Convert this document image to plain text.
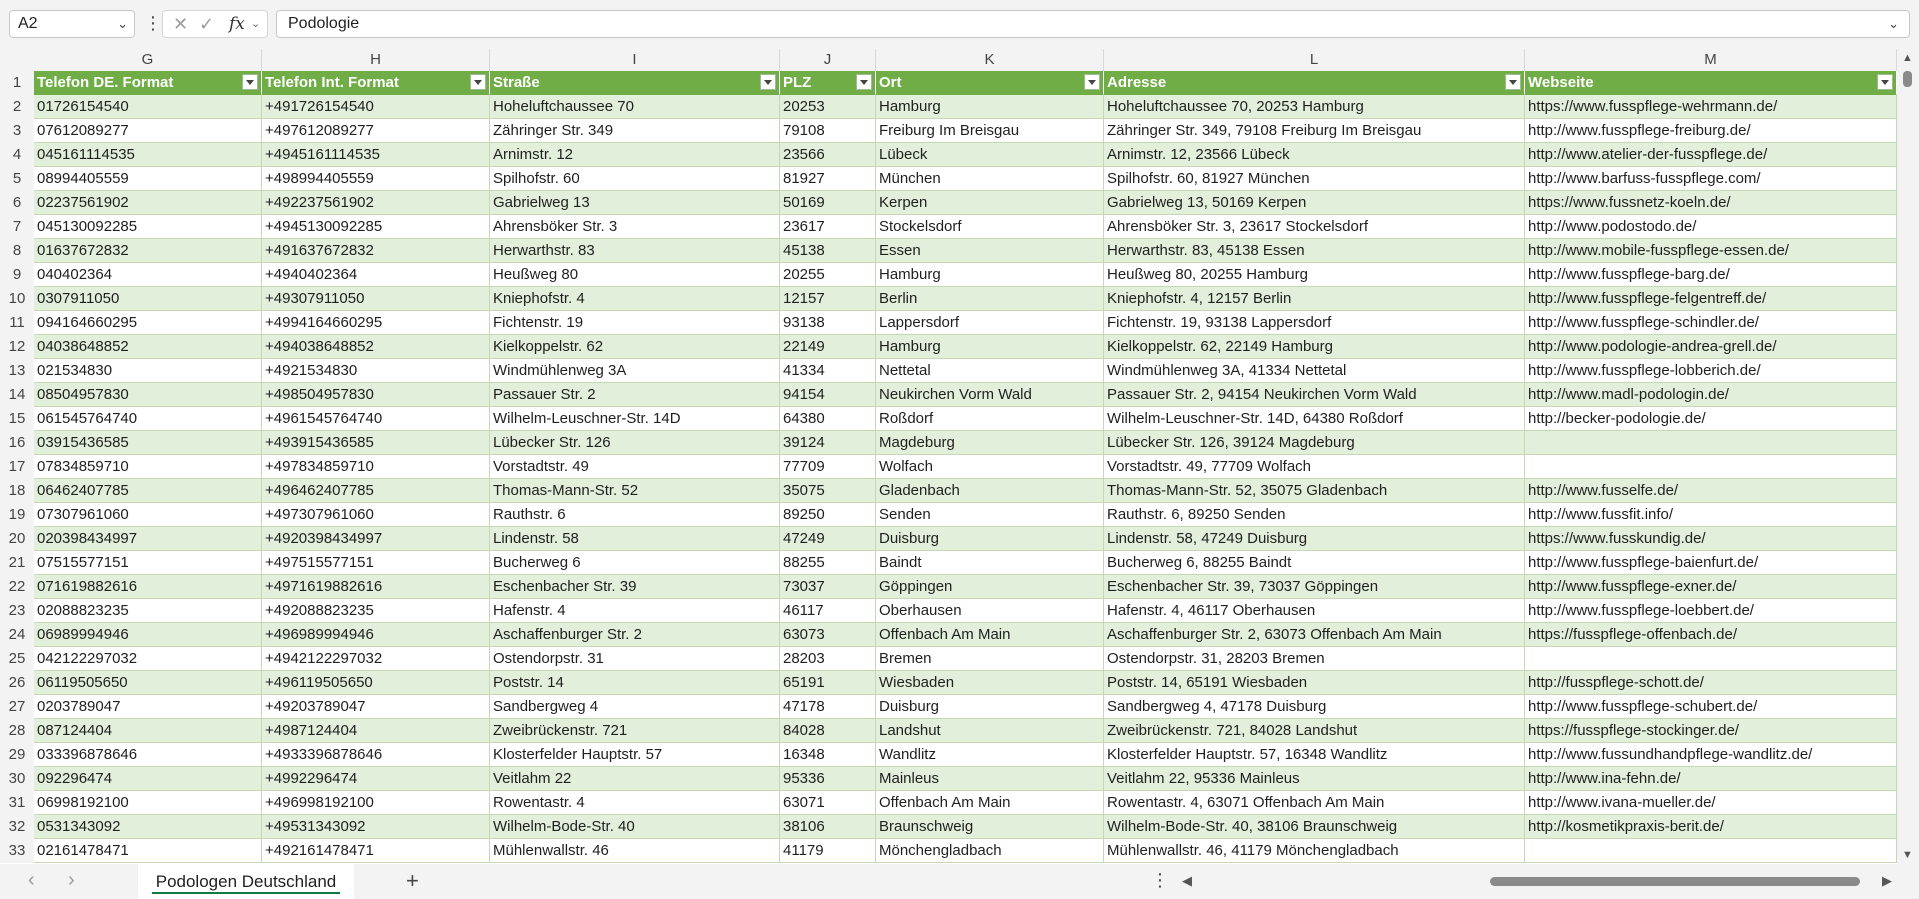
A2	⌄ ⋮ ✕ ✓ fx ⌄	Podologie	⌄
G	H	I	J	K	L	M
1
2
3
4
5
6
7
8
9
10
11
12
13
14
15
16
17
18
19
20
21
22
23
24
25
26
27
28
29
30
31
32
33
Telefon DE. Format	Telefon Int. Format	Straße	PLZ	Ort	Adresse	Webseite
01726154540	+491726154540	Hoheluftchaussee 70	20253	Hamburg	Hoheluftchaussee 70, 20253 Hamburg	https://www.fusspflege-wehrmann.de/
07612089277	+497612089277	Zähringer Str. 349	79108	Freiburg Im Breisgau	Zähringer Str. 349, 79108 Freiburg Im Breisgau	http://www.fusspflege-freiburg.de/
045161114535	+4945161114535	Arnimstr. 12	23566	Lübeck	Arnimstr. 12, 23566 Lübeck	http://www.atelier-der-fusspflege.de/
08994405559	+498994405559	Spilhofstr. 60	81927	München	Spilhofstr. 60, 81927 München	http://www.barfuss-fusspflege.com/
02237561902	+492237561902	Gabrielweg 13	50169	Kerpen	Gabrielweg 13, 50169 Kerpen	https://www.fussnetz-koeln.de/
045130092285	+4945130092285	Ahrensböker Str. 3	23617	Stockelsdorf	Ahrensböker Str. 3, 23617 Stockelsdorf	http://www.podostodo.de/
01637672832	+491637672832	Herwarthstr. 83	45138	Essen	Herwarthstr. 83, 45138 Essen	http://www.mobile-fusspflege-essen.de/
040402364	+4940402364	Heußweg 80	20255	Hamburg	Heußweg 80, 20255 Hamburg	http://www.fusspflege-barg.de/
0307911050	+49307911050	Kniephofstr. 4	12157	Berlin	Kniephofstr. 4, 12157 Berlin	http://www.fusspflege-felgentreff.de/
094164660295	+4994164660295	Fichtenstr. 19	93138	Lappersdorf	Fichtenstr. 19, 93138 Lappersdorf	http://www.fusspflege-schindler.de/
04038648852	+494038648852	Kielkoppelstr. 62	22149	Hamburg	Kielkoppelstr. 62, 22149 Hamburg	http://www.podologie-andrea-grell.de/
021534830	+4921534830	Windmühlenweg 3A	41334	Nettetal	Windmühlenweg 3A, 41334 Nettetal	http://www.fusspflege-lobberich.de/
08504957830	+498504957830	Passauer Str. 2	94154	Neukirchen Vorm Wald	Passauer Str. 2, 94154 Neukirchen Vorm Wald	http://www.madl-podologin.de/
061545764740	+4961545764740	Wilhelm-Leuschner-Str. 14D	64380	Roßdorf	Wilhelm-Leuschner-Str. 14D, 64380 Roßdorf	http://becker-podologie.de/
03915436585	+493915436585	Lübecker Str. 126	39124	Magdeburg	Lübecker Str. 126, 39124 Magdeburg
07834859710	+497834859710	Vorstadtstr. 49	77709	Wolfach	Vorstadtstr. 49, 77709 Wolfach
06462407785	+496462407785	Thomas-Mann-Str. 52	35075	Gladenbach	Thomas-Mann-Str. 52, 35075 Gladenbach	http://www.fusselfe.de/
07307961060	+497307961060	Rauthstr. 6	89250	Senden	Rauthstr. 6, 89250 Senden	http://www.fussfit.info/
020398434997	+4920398434997	Lindenstr. 58	47249	Duisburg	Lindenstr. 58, 47249 Duisburg	https://www.fusskundig.de/
07515577151	+497515577151	Bucherweg 6	88255	Baindt	Bucherweg 6, 88255 Baindt	http://www.fusspflege-baienfurt.de/
071619882616	+4971619882616	Eschenbacher Str. 39	73037	Göppingen	Eschenbacher Str. 39, 73037 Göppingen	http://www.fusspflege-exner.de/
02088823235	+492088823235	Hafenstr. 4	46117	Oberhausen	Hafenstr. 4, 46117 Oberhausen	http://www.fusspflege-loebbert.de/
06989994946	+496989994946	Aschaffenburger Str. 2	63073	Offenbach Am Main	Aschaffenburger Str. 2, 63073 Offenbach Am Main	https://fusspflege-offenbach.de/
042122297032	+4942122297032	Ostendorpstr. 31	28203	Bremen	Ostendorpstr. 31, 28203 Bremen
06119505650	+496119505650	Poststr. 14	65191	Wiesbaden	Poststr. 14, 65191 Wiesbaden	http://fusspflege-schott.de/
0203789047	+49203789047	Sandbergweg 4	47178	Duisburg	Sandbergweg 4, 47178 Duisburg	http://www.fusspflege-schubert.de/
087124404	+4987124404	Zweibrückenstr. 721	84028	Landshut	Zweibrückenstr. 721, 84028 Landshut	https://fusspflege-stockinger.de/
033396878646	+4933396878646	Klosterfelder Hauptstr. 57	16348	Wandlitz	Klosterfelder Hauptstr. 57, 16348 Wandlitz	http://www.fussundhandpflege-wandlitz.de/
092296474	+4992296474	Veitlahm 22	95336	Mainleus	Veitlahm 22, 95336 Mainleus	http://www.ina-fehn.de/
06998192100	+496998192100	Rowentastr. 4	63071	Offenbach Am Main	Rowentastr. 4, 63071 Offenbach Am Main	http://www.ivana-mueller.de/
0531343092	+49531343092	Wilhelm-Bode-Str. 40	38106	Braunschweig	Wilhelm-Bode-Str. 40, 38106 Braunschweig	http://kosmetikpraxis-berit.de/
02161478471	+492161478471	Mühlenwallstr. 46	41179	Mönchengladbach	Mühlenwallstr. 46, 41179 Mönchengladbach
▲
▼
‹ ›	Podologen Deutschland	+	⋮ ◀	▶
